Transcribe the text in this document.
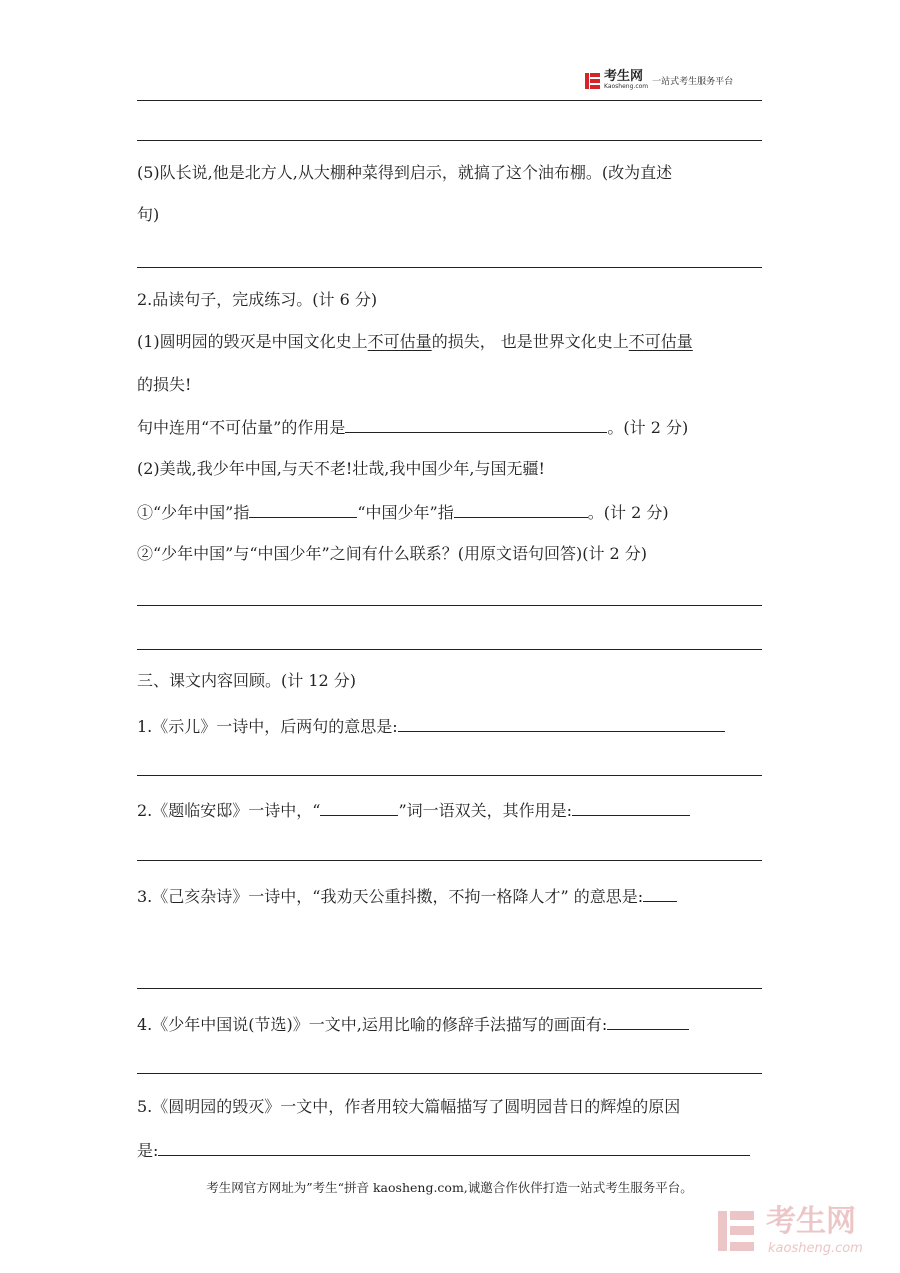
考生网
Kaosheng.com 一站式考生服务平台
(5)队长说,他是北方人,从大棚种菜得到启示，就搞了这个油布棚。(改为直述
句)
2.品读句子，完成练习。(计 6 分)
(1)圆明园的毁灭是中国文化史上不可估量的损失， 也是世界文化史上不可估量
的损失!
句中连用“不可估量”的作用是	。(计 2 分)
(2)美哉,我少年中国,与天不老!壮哉,我中国少年,与国无疆!
①“少年中国”指	“中国少年”指	。(计 2 分)
②“少年中国”与“中国少年”之间有什么联系？(用原文语句回答)(计 2 分)
三、课文内容回顾。(计 12 分)
1.《示儿》一诗中，后两句的意思是:
2.《题临安邸》一诗中，“	”词一语双关，其作用是:
3.《己亥杂诗》一诗中，“我劝天公重抖擞，不拘一格降人才” 的意思是:
4.《少年中国说(节选)》一文中,运用比喻的修辞手法描写的画面有:
5.《圆明园的毁灭》一文中，作者用较大篇幅描写了圆明园昔日的辉煌的原因
是:
考生网官方网址为”考生“拼音 kaosheng.com,诚邀合作伙伴打造一站式考生服务平台。
考生网
kaosheng.com
